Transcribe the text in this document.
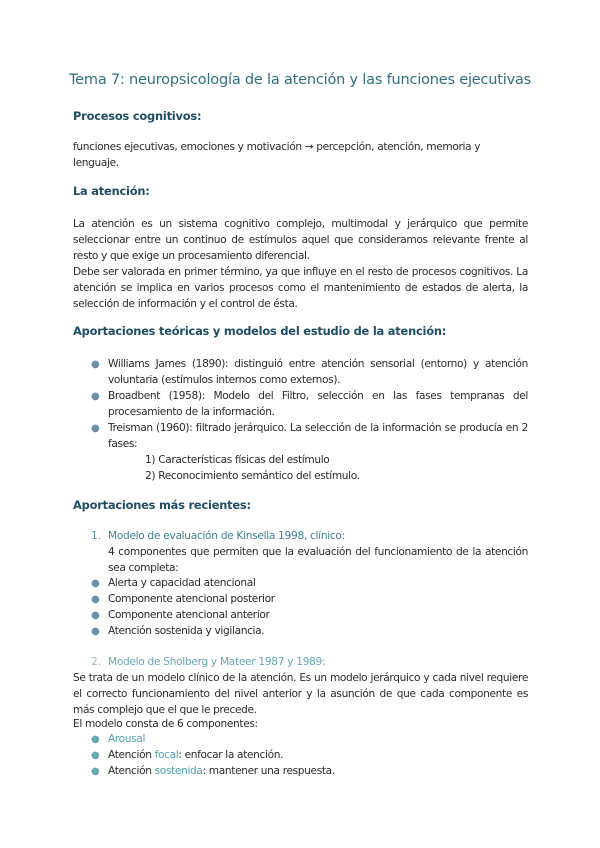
Tema 7: neuropsicología de la atención y las funciones ejecutivas
Procesos cognitivos:
funciones ejecutivas, emociones y motivación → percepción, atención, memoria y lenguaje.
La atención:
La atención es un sistema cognitivo complejo, multimodal y jerárquico que permite seleccionar entre un continuo de estímulos aquel que consideramos relevante frente al resto y que exige un procesamiento diferencial.
Debe ser valorada en primer término, ya que influye en el resto de procesos cognitivos. La atención se implica en varios procesos como el mantenimiento de estados de alerta, la selección de información y el control de ésta.
Aportaciones teóricas y modelos del estudio de la atención:
● Williams James (1890): distinguió entre atención sensorial (entorno) y atención voluntaria (estímulos internos como externos).
● Broadbent (1958): Modelo del Filtro, selección en las fases tempranas del procesamiento de la información.
● Treisman (1960): filtrado jerárquico. La selección de la información se producía en 2 fases:
1) Características físicas del estímulo
2) Reconocimiento semántico del estímulo.
Aportaciones más recientes:
1. Modelo de evaluación de Kinsella 1998, clínico:
4 componentes que permiten que la evaluación del funcionamiento de la atención sea completa:
● Alerta y capacidad atencional
● Componente atencional posterior
● Componente atencional anterior
● Atención sostenida y vigilancia.
2. Modelo de Sholberg y Mateer 1987 y 1989:
Se trata de un modelo clínico de la atención. Es un modelo jerárquico y cada nivel requiere el correcto funcionamiento del nivel anterior y la asunción de que cada componente es más complejo que el que le precede.
El modelo consta de 6 componentes:
● Arousal
● Atención focal: enfocar la atención.
● Atención sostenida: mantener una respuesta.
